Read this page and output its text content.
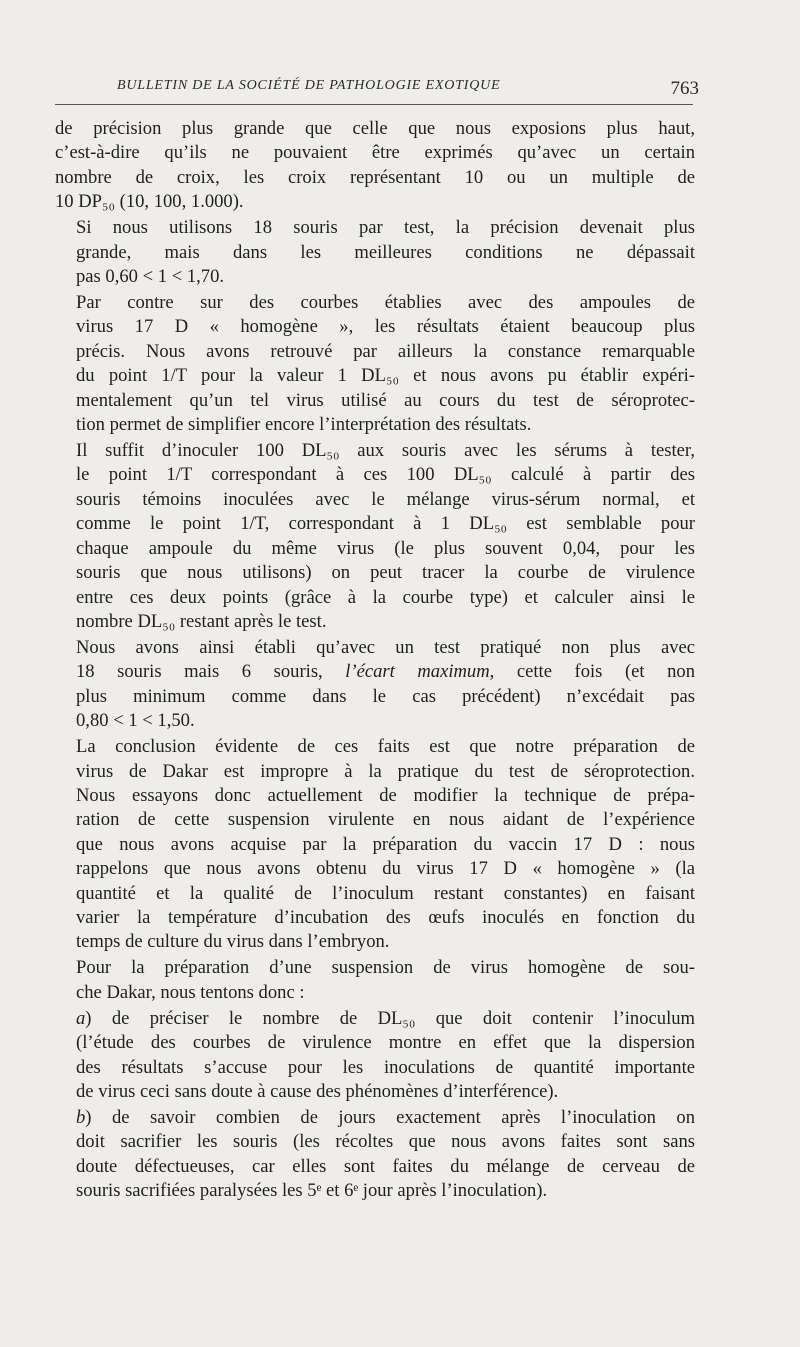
BULLETIN DE LA SOCIÉTÉ DE PATHOLOGIE EXOTIQUE	763
de précision plus grande que celle que nous exposions plus haut,
c’est-à-dire qu’ils ne pouvaient être exprimés qu’avec un certain
nombre de croix, les croix représentant 10 ou un multiple de
10 DP₅₀ (10, 100, 1.000).
Si nous utilisons 18 souris par test, la précision devenait plus
grande, mais dans les meilleures conditions ne dépassait
pas 0,60 < 1 < 1,70.
Par contre sur des courbes établies avec des ampoules de
virus 17 D « homogène », les résultats étaient beaucoup plus
précis. Nous avons retrouvé par ailleurs la constance remarquable
du point 1/T pour la valeur 1 DL₅₀ et nous avons pu établir expéri-
mentalement qu’un tel virus utilisé au cours du test de séroprotec-
tion permet de simplifier encore l’interprétation des résultats.
Il suffit d’inoculer 100 DL₅₀ aux souris avec les sérums à tester,
le point 1/T correspondant à ces 100 DL₅₀ calculé à partir des
souris témoins inoculées avec le mélange virus-sérum normal, et
comme le point 1/T, correspondant à 1 DL₅₀ est semblable pour
chaque ampoule du même virus (le plus souvent 0,04, pour les
souris que nous utilisons) on peut tracer la courbe de virulence
entre ces deux points (grâce à la courbe type) et calculer ainsi le
nombre DL₅₀ restant après le test.
Nous avons ainsi établi qu’avec un test pratiqué non plus avec
18 souris mais 6 souris, l’écart maximum, cette fois (et non
plus minimum comme dans le cas précédent) n’excédait pas
0,80 < 1 < 1,50.
La conclusion évidente de ces faits est que notre préparation de
virus de Dakar est impropre à la pratique du test de séroprotection.
Nous essayons donc actuellement de modifier la technique de prépa-
ration de cette suspension virulente en nous aidant de l’expérience
que nous avons acquise par la préparation du vaccin 17 D : nous
rappelons que nous avons obtenu du virus 17 D « homogène » (la
quantité et la qualité de l’inoculum restant constantes) en faisant
varier la température d’incubation des œufs inoculés en fonction du
temps de culture du virus dans l’embryon.
Pour la préparation d’une suspension de virus homogène de sou-
che Dakar, nous tentons donc :
a) de préciser le nombre de DL₅₀ que doit contenir l’inoculum
(l’étude des courbes de virulence montre en effet que la dispersion
des résultats s’accuse pour les inoculations de quantité importante
de virus ceci sans doute à cause des phénomènes d’interférence).
b) de savoir combien de jours exactement après l’inoculation on
doit sacrifier les souris (les récoltes que nous avons faites sont sans
doute défectueuses, car elles sont faites du mélange de cerveau de
souris sacrifiées paralysées les 5ᵉ et 6ᵉ jour après l’inoculation).
